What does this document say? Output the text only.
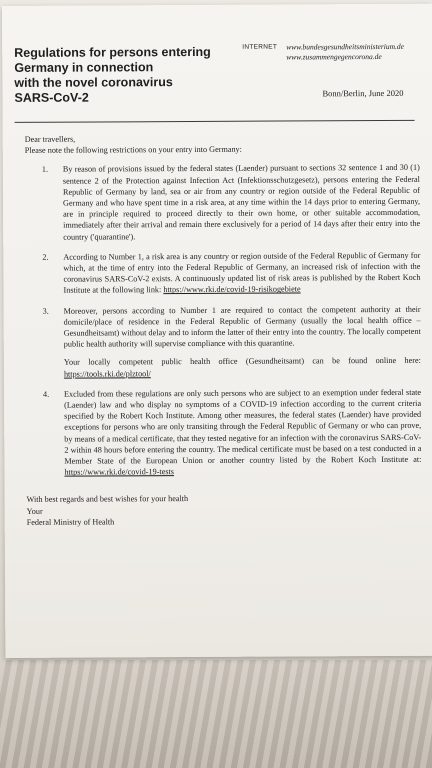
Regulations for persons entering
Germany in connection
with the novel coronavirus
SARS-CoV-2
INTERNET www.bundesgesundheitsministerium.de
www.zusammengegencorona.de
Bonn/Berlin, June 2020

Dear travellers,

Please note the following restrictions on your entry into Germany:

1. By reason of provisions issued by the federal states (Laender) pursuant to sections 32 sentence 1 and 30 (1) sentence 2 of the Protection against Infection Act (Infektionsschutzgesetz), persons entering the Federal Republic of Germany by land, sea or air from any country or region outside of the Federal Republic of Germany and who have spent time in a risk area, at any time within the 14 days prior to entering Germany, are in principle required to proceed directly to their own home, or other suitable accommodation, immediately after their arrival and remain there exclusively for a period of 14 days after their entry into the country ('quarantine').
2. According to Number 1, a risk area is any country or region outside of the Federal Republic of Germany for which, at the time of entry into the Federal Republic of Germany, an increased risk of infection with the coronavirus SARS-CoV-2 exists. A continuously updated list of risk areas is published by the Robert Koch Institute at the following link: https://www.rki.de/covid-19-risikogebiete
3. Moreover, persons according to Number 1 are required to contact the competent authority at their domicile/place of residence in the Federal Republic of Germany (usually the local health office – Gesundheitsamt) without delay and to inform the latter of their entry into the country. The locally competent public health authority will supervise compliance with this quarantine.
Your locally competent public health office (Gesundheitsamt) can be found online here: https://tools.rki.de/plztool/
4. Excluded from these regulations are only such persons who are subject to an exemption under federal state (Laender) law and who display no symptoms of a COVID-19 infection according to the current criteria specified by the Robert Koch Institute. Among other measures, the federal states (Laender) have provided exceptions for persons who are only transiting through the Federal Republic of Germany or who can prove, by means of a medical certificate, that they tested negative for an infection with the coronavirus SARS-CoV-2 within 48 hours before entering the country. The medical certificate must be based on a test conducted in a Member State of the European Union or another country listed by the Robert Koch Institute at: https://www.rki.de/covid-19-tests
With best regards and best wishes for your health
Your
Federal Ministry of Health
